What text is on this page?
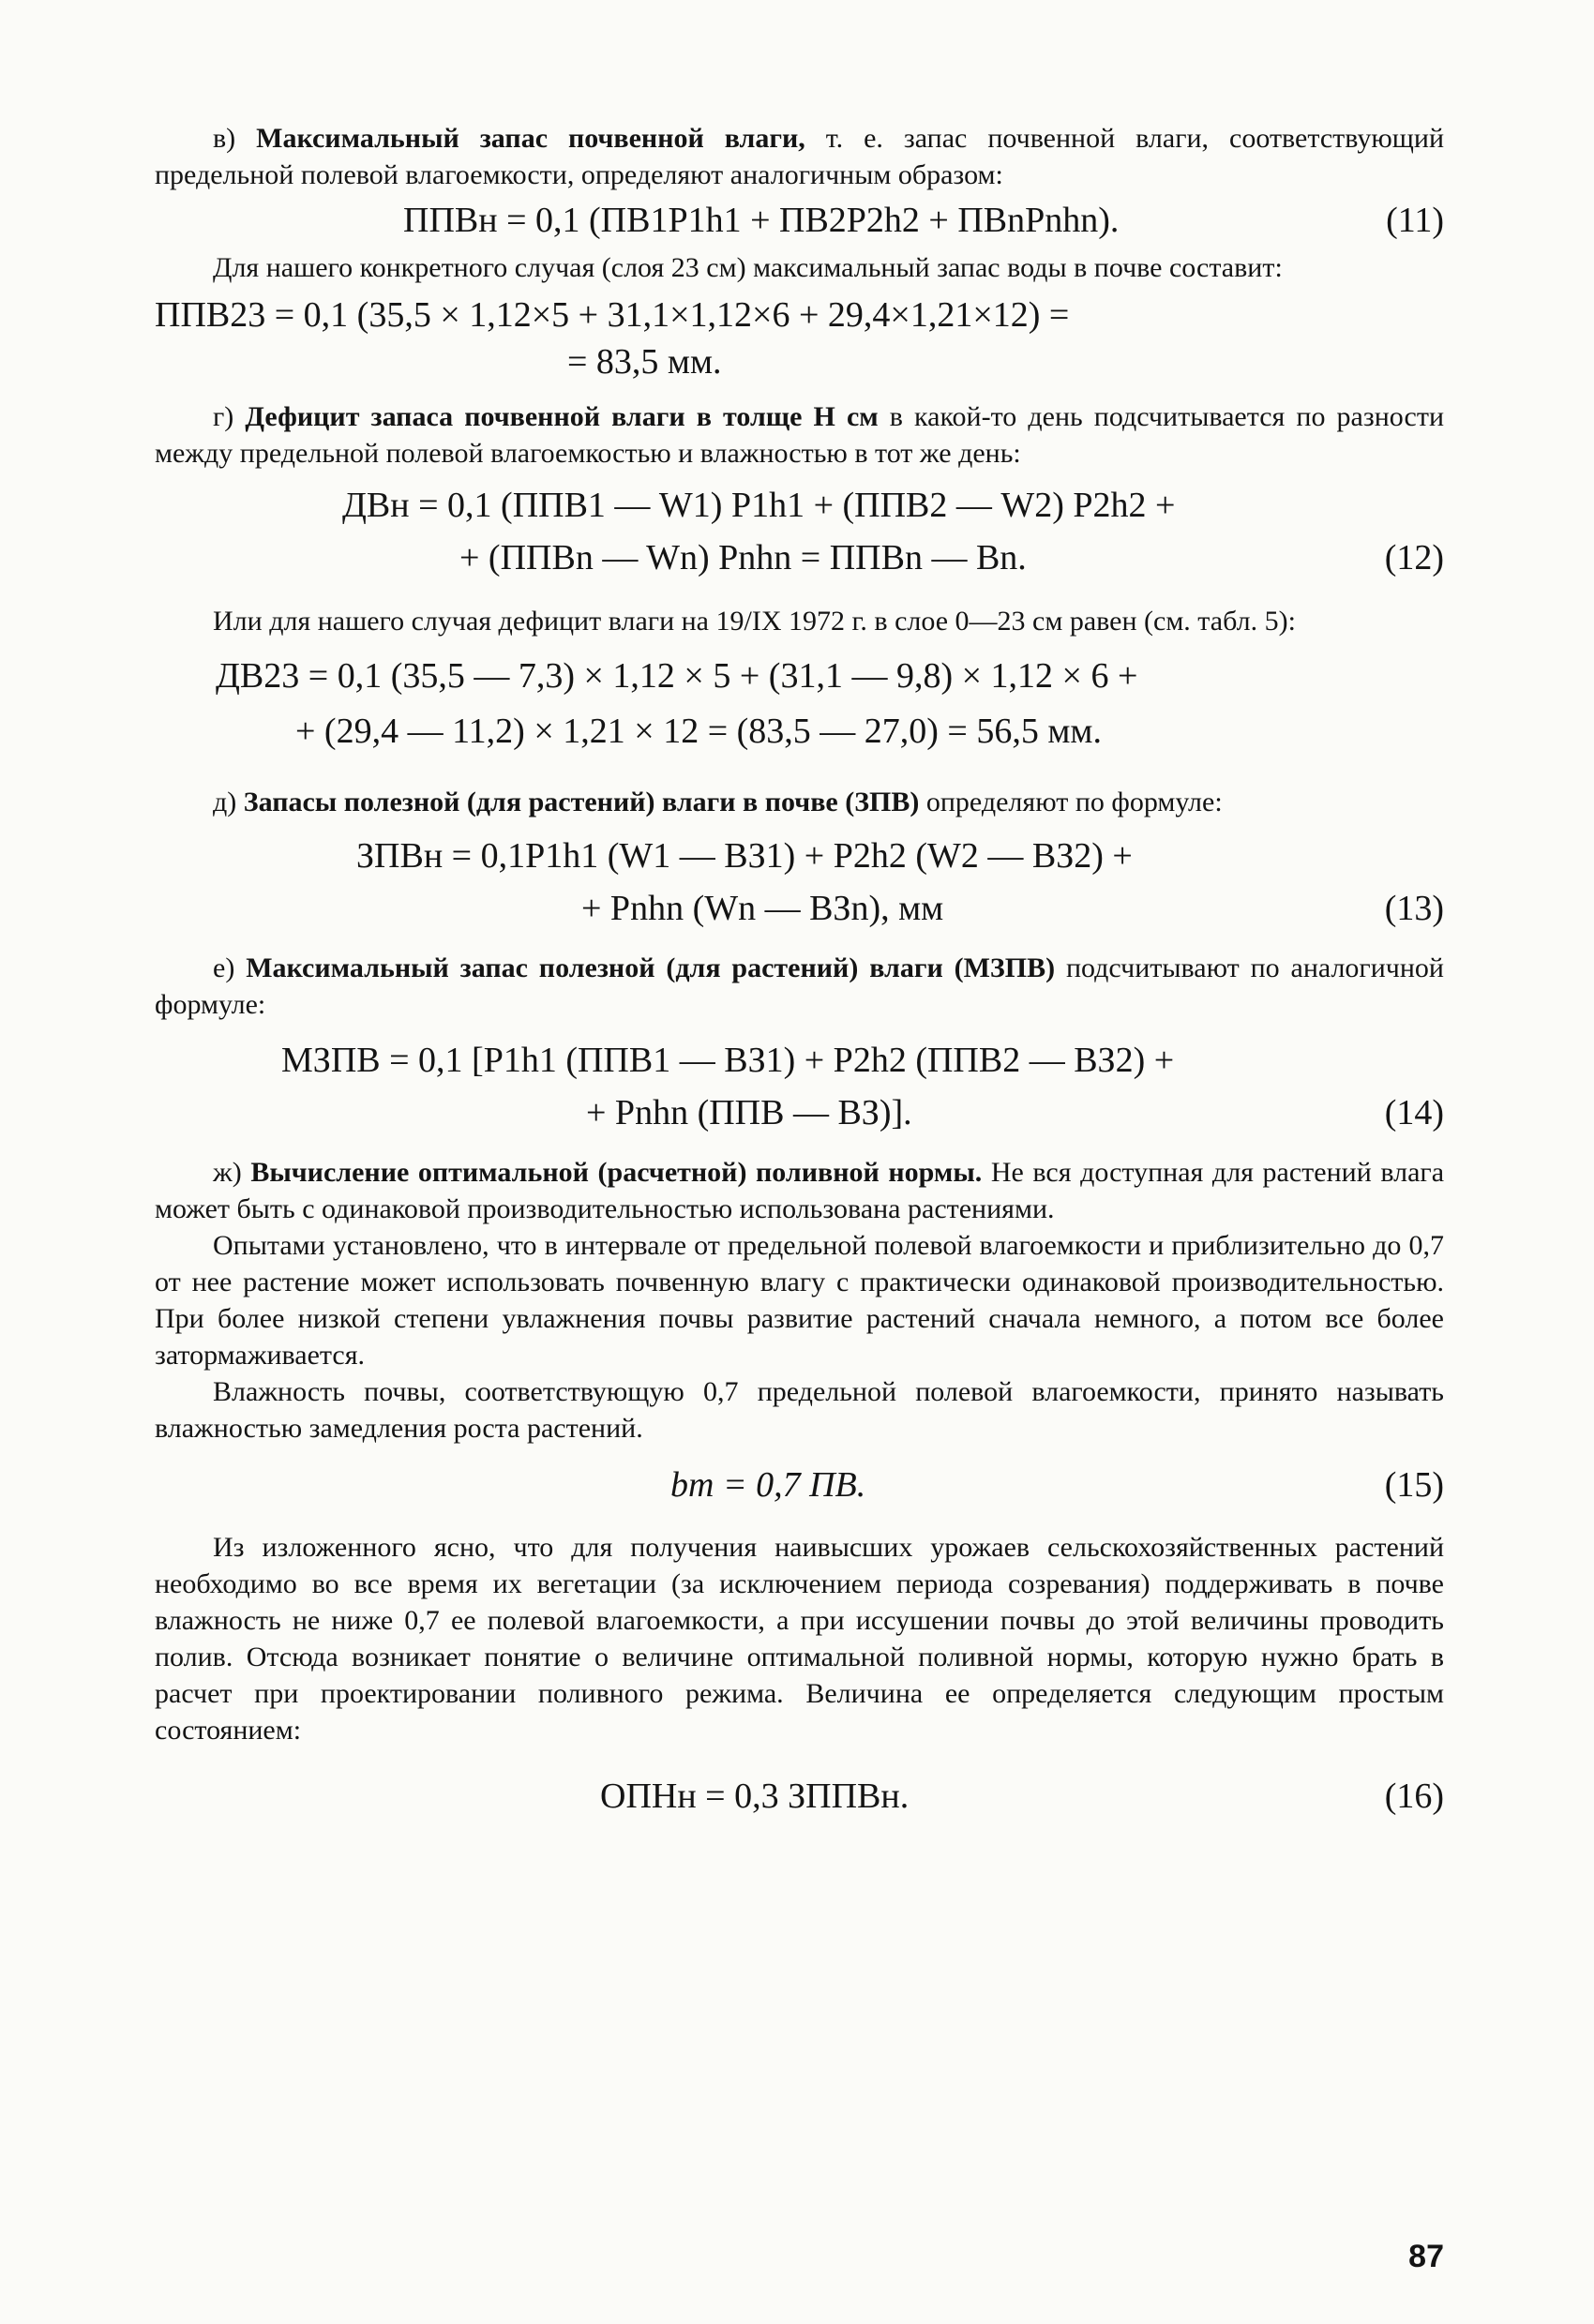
в) Максимальный запас почвенной влаги, т. е. запас почвенной влаги, соответствующий предельной полевой влагоемкости, определяют аналогичным образом:

ППВн = 0,1 (ПВ1P1h1 + ПВ2P2h2 + ПВnPnhn).	(11)

Для нашего конкретного случая (слоя 23 см) максимальный запас воды в почве составит:

ППВ23 = 0,1 (35,5 × 1,12×5 + 31,1×1,12×6 + 29,4×1,21×12) =
= 83,5 мм.

г) Дефицит запаса почвенной влаги в толще Н см в какой-то день подсчитывается по разности между предельной полевой влагоемкостью и влажностью в тот же день:

ДВн = 0,1 (ППВ1 — W1) P1h1 + (ППВ2 — W2) P2h2 +
+ (ППВn — Wn) Pnhn = ППВn — Вn.	(12)

Или для нашего случая дефицит влаги на 19/IX 1972 г. в слое 0—23 см равен (см. табл. 5):

ДВ23 = 0,1 (35,5 — 7,3) × 1,12 × 5 + (31,1 — 9,8) × 1,12 × 6 +
+ (29,4 — 11,2) × 1,21 × 12 = (83,5 — 27,0) = 56,5 мм.

д) Запасы полезной (для растений) влаги в почве (ЗПВ) определяют по формуле:

ЗПВн = 0,1P1h1 (W1 — ВЗ1) + P2h2 (W2 — ВЗ2) +
+ Pnhn (Wn — ВЗn), мм	(13)

е) Максимальный запас полезной (для растений) влаги (МЗПВ) подсчитывают по аналогичной формуле:

МЗПВ = 0,1 [P1h1 (ППВ1 — ВЗ1) + P2h2 (ППВ2 — ВЗ2) +
+ Pnhn (ППВ — ВЗ)].	(14)

ж) Вычисление оптимальной (расчетной) поливной нормы. Не вся доступная для растений влага может быть с одинаковой производительностью использована растениями.

Опытами установлено, что в интервале от предельной полевой влагоемкости и приблизительно до 0,7 от нее растение может использовать почвенную влагу с практически одинаковой производительностью. При более низкой степени увлажнения почвы развитие растений сначала немного, а потом все более затормаживается.

Влажность почвы, соответствующую 0,7 предельной полевой влагоемкости, принято называть влажностью замедления роста растений.

bm = 0,7 ПВ.	(15)

Из изложенного ясно, что для получения наивысших урожаев сельскохозяйственных растений необходимо во все время их вегетации (за исключением периода созревания) поддерживать в почве влажность не ниже 0,7 ее полевой влагоемкости, а при иссушении почвы до этой величины проводить полив. Отсюда возникает понятие о величине оптимальной поливной нормы, которую нужно брать в расчет при проектировании поливного режима. Величина ее определяется следующим простым состоянием:

ОПНн = 0,3 ЗППВн.	(16)
87
